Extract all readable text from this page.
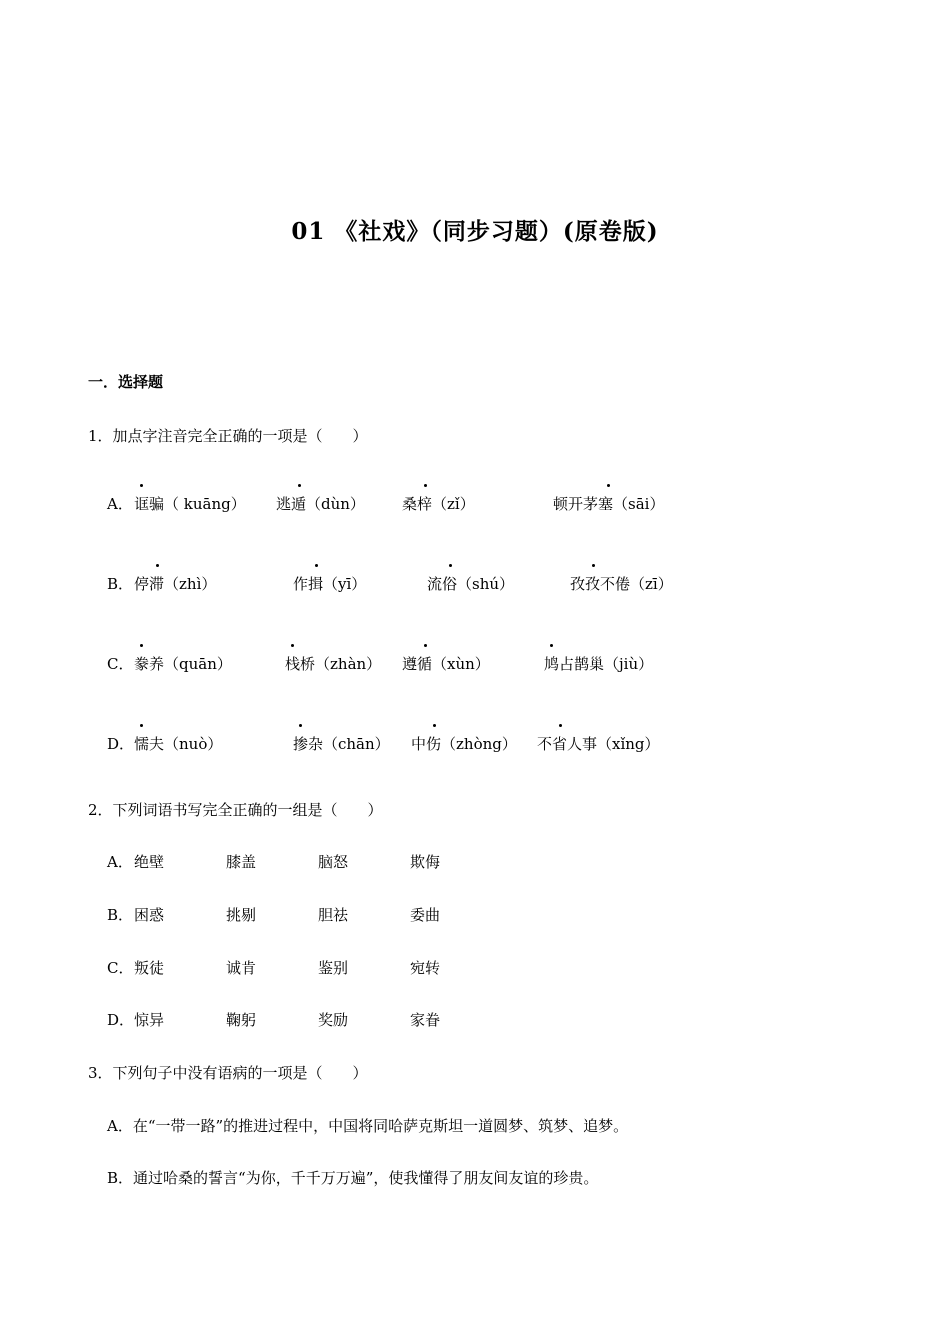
01 《社戏》（同步习题）(原卷版)
一．选择题
1．加点字注音完全正确的一项是（　　）
A． 诓骗（ kuāng） 逃遁（dùn） 桑梓（zǐ）	顿开茅塞（sāi）
B． 停滞（zhì）	作揖（yī）	流俗（shú）	孜孜不倦（zī）
C． 豢养（quān）	栈桥（zhàn） 遵循（xùn）	鸠占鹊巢（jiù）
D． 懦夫（nuò）	掺杂（chān） 中伤（zhòng） 不省人事（xǐng）
2．下列词语书写完全正确的一组是（　　）
A． 绝壁	膝盖	脑怒	欺侮
B． 困惑	挑剔	胆祛	委曲
C． 叛徒	诚肯	鉴别	宛转
D． 惊异	鞠躬	奖励	家眷
3．下列句子中没有语病的一项是（　　）
A．在“一带一路”的推进过程中，中国将同哈萨克斯坦一道圆梦、筑梦、追梦。
B．通过哈桑的誓言“为你，千千万万遍”，使我懂得了朋友间友谊的珍贵。
